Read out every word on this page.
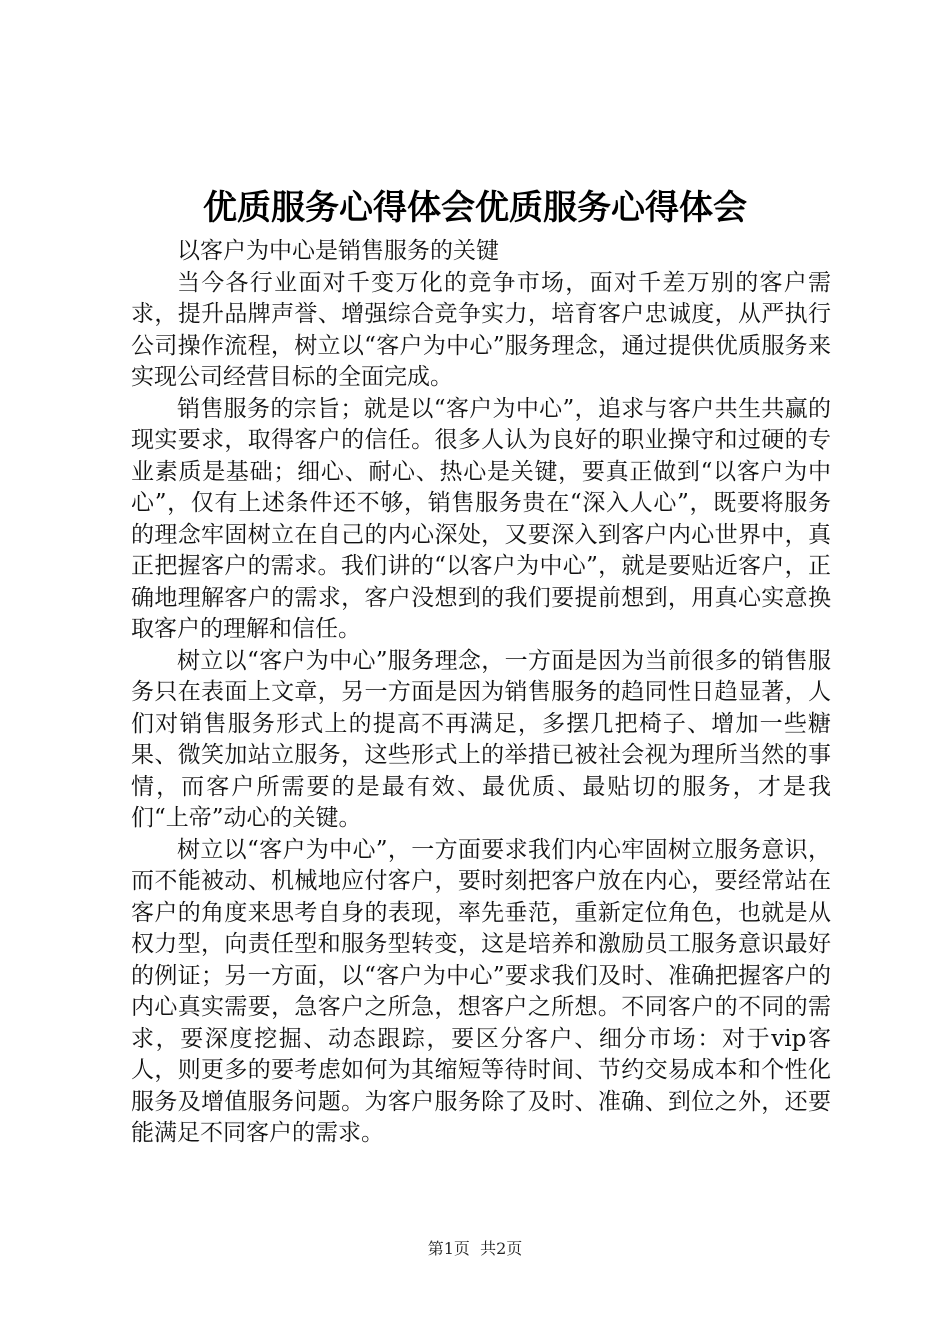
优质服务心得体会优质服务心得体会

以客户为中心是销售服务的关键

当今各行业面对千变万化的竞争市场，面对千差万别的客户需求，提升品牌声誉、增强综合竞争实力，培育客户忠诚度，从严执行公司操作流程，树立以“客户为中心”服务理念，通过提供优质服务来实现公司经营目标的全面完成。

销售服务的宗旨；就是以“客户为中心”，追求与客户共生共赢的现实要求，取得客户的信任。很多人认为良好的职业操守和过硬的专业素质是基础；细心、耐心、热心是关键，要真正做到“以客户为中心”，仅有上述条件还不够，销售服务贵在“深入人心”，既要将服务的理念牢固树立在自己的内心深处，又要深入到客户内心世界中，真正把握客户的需求。我们讲的“以客户为中心”，就是要贴近客户，正确地理解客户的需求，客户没想到的我们要提前想到，用真心实意换取客户的理解和信任。

树立以“客户为中心”服务理念，一方面是因为当前很多的销售服务只在表面上文章，另一方面是因为销售服务的趋同性日趋显著，人们对销售服务形式上的提高不再满足，多摆几把椅子、增加一些糖果、微笑加站立服务，这些形式上的举措已被社会视为理所当然的事情，而客户所需要的是最有效、最优质、最贴切的服务，才是我们“上帝”动心的关键。

树立以“客户为中心”，一方面要求我们内心牢固树立服务意识，而不能被动、机械地应付客户，要时刻把客户放在内心，要经常站在客户的角度来思考自身的表现，率先垂范，重新定位角色，也就是从权力型，向责任型和服务型转变，这是培养和激励员工服务意识最好的例证；另一方面，以“客户为中心”要求我们及时、准确把握客户的内心真实需要，急客户之所急，想客户之所想。不同客户的不同的需求，要深度挖掘、动态跟踪，要区分客户、细分市场：对于vip客人，则更多的要考虑如何为其缩短等待时间、节约交易成本和个性化服务及增值服务问题。为客户服务除了及时、准确、到位之外，还要能满足不同客户的需求。

第1页 共2页
